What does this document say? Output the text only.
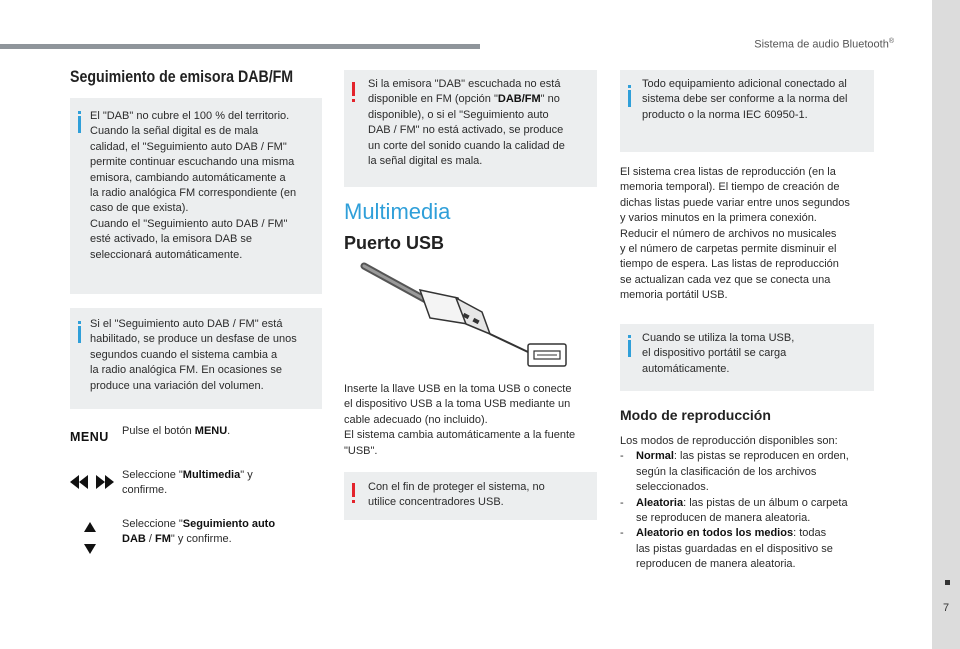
Sistema de audio Bluetooth®
7
Seguimiento de emisora DAB/FM

El "DAB" no cubre el 100 % del territorio.

Cuando la señal digital es de mala

calidad, el "Seguimiento auto DAB / FM"

permite continuar escuchando una misma

emisora, cambiando automáticamente a

la radio analógica FM correspondiente (en

caso de que exista).

Cuando el "Seguimiento auto DAB / FM"

esté activado, la emisora DAB se

seleccionará automáticamente.

Si el "Seguimiento auto DAB / FM" está

habilitado, se produce un desfase de unos

segundos cuando el sistema cambia a

la radio analógica FM. En ocasiones se

produce una variación del volumen.

MENU Pulse el botón MENU.

Seleccione "Multimedia" y

confirme.

Seleccione "Seguimiento auto

DAB / FM" y confirme.

Si la emisora "DAB" escuchada no está

disponible en FM (opción "DAB/FM" no

disponible), o si el "Seguimiento auto

DAB / FM" no está activado, se produce

un corte del sonido cuando la calidad de

la señal digital es mala.

Multimedia
Puerto USB

Inserte la llave USB en la toma USB o conecte

el dispositivo USB a la toma USB mediante un

cable adecuado (no incluido).

El sistema cambia automáticamente a la fuente

"USB".

Con el fin de proteger el sistema, no

utilice concentradores USB.

Todo equipamiento adicional conectado al

sistema debe ser conforme a la norma del

producto o la norma IEC 60950-1.

El sistema crea listas de reproducción (en la

memoria temporal). El tiempo de creación de

dichas listas puede variar entre unos segundos

y varios minutos en la primera conexión.

Reducir el número de archivos no musicales

y el número de carpetas permite disminuir el

tiempo de espera. Las listas de reproducción

se actualizan cada vez que se conecta una

memoria portátil USB.

Cuando se utiliza la toma USB,

el dispositivo portátil se carga

automáticamente.

Modo de reproducción

Los modos de reproducción disponibles son:

- Normal: las pistas se reproducen en orden,

según la clasificación de los archivos

seleccionados.

- Aleatoria: las pistas de un álbum o carpeta

se reproducen de manera aleatoria.

- Aleatorio en todos los medios: todas

las pistas guardadas en el dispositivo se

reproducen de manera aleatoria.
